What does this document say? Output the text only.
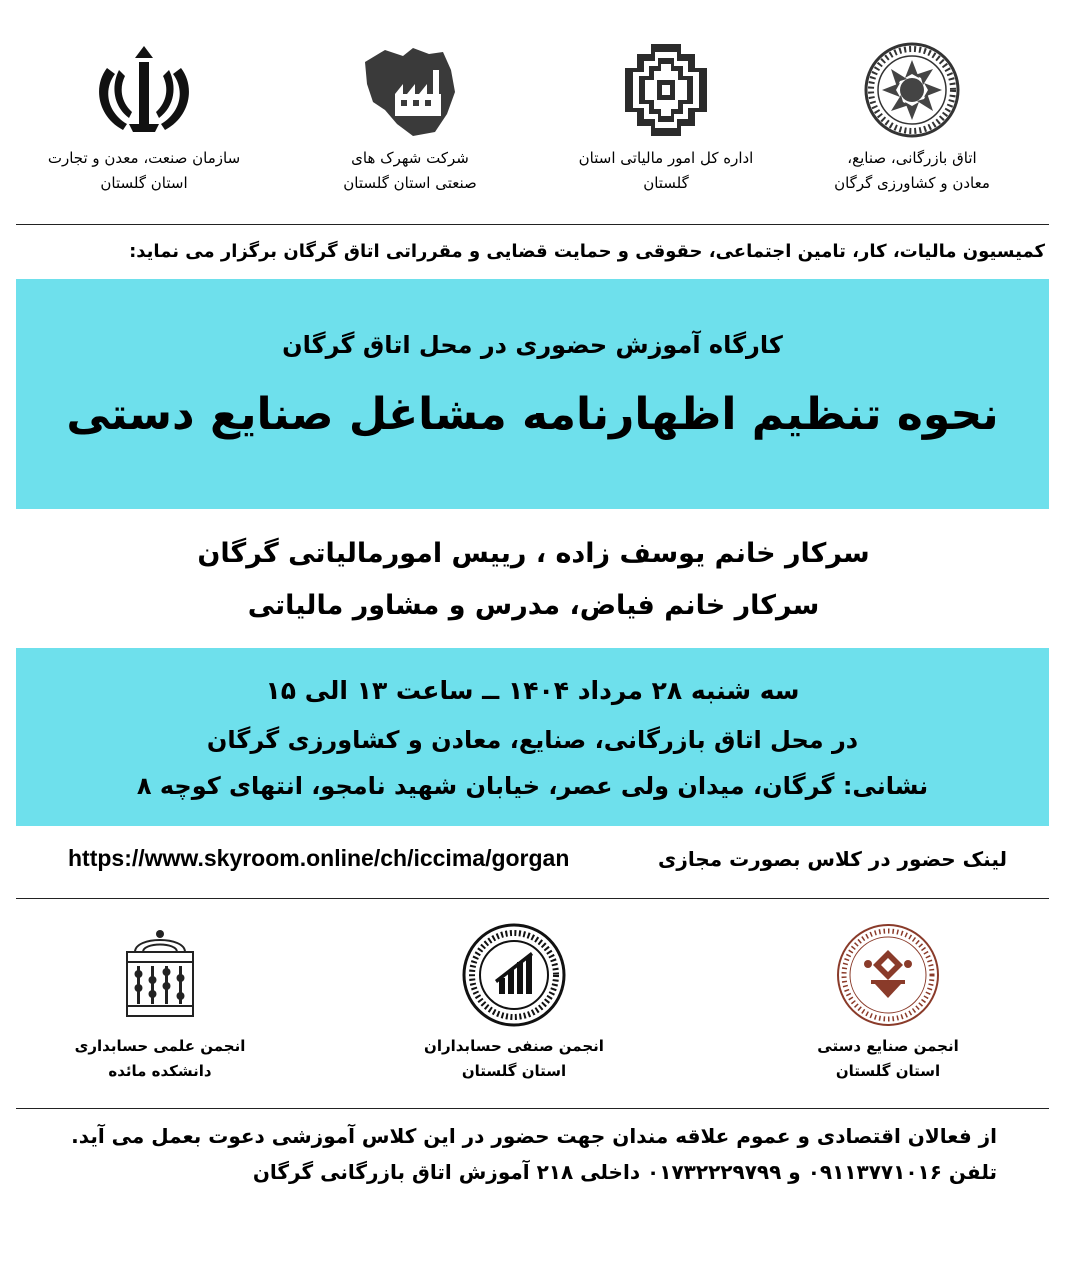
اتاق بازرگانی، صنایع،
معادن و کشاورزی گرگان
اداره کل امور مالیاتی استان
گلستان
شرکت شهرک های
صنعتی استان گلستان
سازمان صنعت، معدن و تجارت
استان گلستان
کمیسیون مالیات، کار، تامین اجتماعی، حقوقی و حمایت قضایی و مقرراتی اتاق گرگان برگزار می نماید:
کارگاه آموزش حضوری در محل اتاق گرگان
نحوه تنظیم اظهارنامه مشاغل صنایع دستی
سرکار خانم یوسف زاده ، رییس امورمالیاتی گرگان
سرکار خانم فیاض، مدرس و مشاور مالیاتی
سه شنبه ۲۸ مرداد ۱۴۰۴ ــ ساعت ۱۳ الی ۱۵
در محل اتاق بازرگانی، صنایع، معادن و کشاورزی گرگان
نشانی: گرگان، میدان ولی عصر، خیابان شهید نامجو، انتهای کوچه ۸
https://www.skyroom.online/ch/iccima/gorgan	لینک حضور در کلاس بصورت مجازی
انجمن صنایع دستی
استان گلستان
انجمن صنفی حسابداران
استان گلستان
انجمن علمی حسابداری
دانشکده مائده
از فعالان اقتصادی و عموم علاقه مندان جهت حضور در این کلاس آموزشی دعوت بعمل می آید.
تلفن ۰۹۱۱۳۷۷۱۰۱۶ و ۰۱۷۳۲۲۲۹۷۹۹ داخلی ۲۱۸ آموزش اتاق بازرگانی گرگان
